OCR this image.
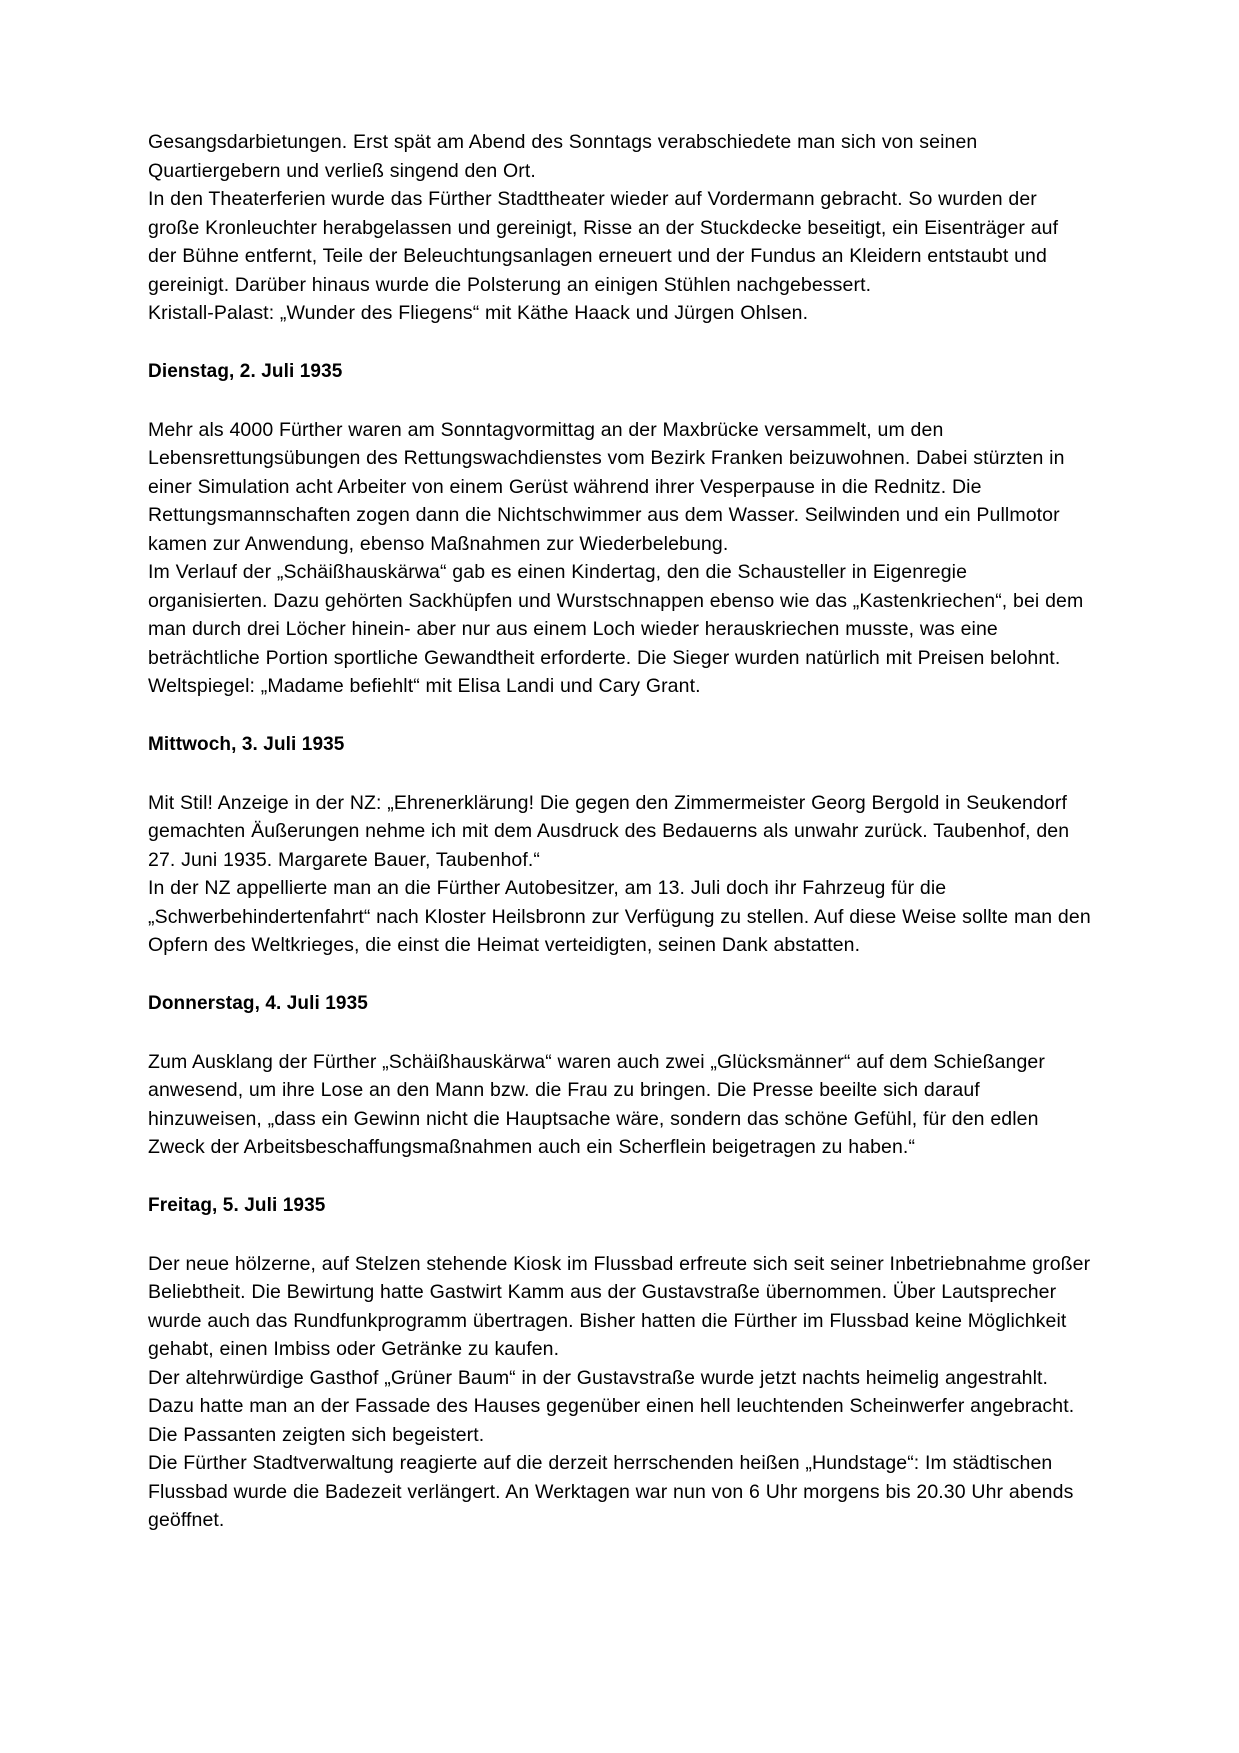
Gesangsdarbietungen. Erst spät am Abend des Sonntags verabschiedete man sich von seinen Quartiergebern und verließ singend den Ort.

In den Theaterferien wurde das Fürther Stadttheater wieder auf Vordermann gebracht. So wurden der große Kronleuchter herabgelassen und gereinigt, Risse an der Stuckdecke beseitigt, ein Eisenträger auf der Bühne entfernt, Teile der Beleuchtungsanlagen erneuert und der Fundus an Kleidern entstaubt und gereinigt. Darüber hinaus wurde die Polsterung an einigen Stühlen nachgebessert.

Kristall-Palast: „Wunder des Fliegens“ mit Käthe Haack und Jürgen Ohlsen.

Dienstag, 2. Juli 1935

Mehr als 4000 Fürther waren am Sonntagvormittag an der Maxbrücke versammelt, um den Lebensrettungsübungen des Rettungswachdienstes vom Bezirk Franken beizuwohnen. Dabei stürzten in einer Simulation acht Arbeiter von einem Gerüst während ihrer Vesperpause in die Rednitz. Die Rettungsmannschaften zogen dann die Nichtschwimmer aus dem Wasser. Seilwinden und ein Pullmotor kamen zur Anwendung, ebenso Maßnahmen zur Wiederbelebung.

Im Verlauf der „Schäißhauskärwa“ gab es einen Kindertag, den die Schausteller in Eigenregie organisierten. Dazu gehörten Sackhüpfen und Wurstschnappen ebenso wie das „Kastenkriechen“, bei dem man durch drei Löcher hinein- aber nur aus einem Loch wieder herauskriechen musste, was eine beträchtliche Portion sportliche Gewandtheit erforderte. Die Sieger wurden natürlich mit Preisen belohnt.

Weltspiegel: „Madame befiehlt“ mit Elisa Landi und Cary Grant.

Mittwoch, 3. Juli 1935

Mit Stil! Anzeige in der NZ: „Ehrenerklärung! Die gegen den Zimmermeister Georg Bergold in Seukendorf gemachten Äußerungen nehme ich mit dem Ausdruck des Bedauerns als unwahr zurück. Taubenhof, den 27. Juni 1935. Margarete Bauer, Taubenhof.“

In der NZ appellierte man an die Fürther Autobesitzer, am 13. Juli doch ihr Fahrzeug für die „Schwerbehindertenfahrt“ nach Kloster Heilsbronn zur Verfügung zu stellen. Auf diese Weise sollte man den Opfern des Weltkrieges, die einst die Heimat verteidigten, seinen Dank abstatten.

Donnerstag, 4. Juli 1935

Zum Ausklang der Fürther „Schäißhauskärwa“ waren auch zwei „Glücksmänner“ auf dem Schießanger anwesend, um ihre Lose an den Mann bzw. die Frau zu bringen. Die Presse beeilte sich darauf hinzuweisen, „dass ein Gewinn nicht die Hauptsache wäre, sondern das schöne Gefühl, für den edlen Zweck der Arbeitsbeschaffungsmaßnahmen auch ein Scherflein beigetragen zu haben.“

Freitag, 5. Juli 1935

Der neue hölzerne, auf Stelzen stehende Kiosk im Flussbad erfreute sich seit seiner Inbetriebnahme großer Beliebtheit. Die Bewirtung hatte Gastwirt Kamm aus der Gustavstraße übernommen. Über Lautsprecher wurde auch das Rundfunkprogramm übertragen. Bisher hatten die Fürther im Flussbad keine Möglichkeit gehabt, einen Imbiss oder Getränke zu kaufen.

Der altehrwürdige Gasthof „Grüner Baum“ in der Gustavstraße wurde jetzt nachts heimelig angestrahlt. Dazu hatte man an der Fassade des Hauses gegenüber einen hell leuchtenden Scheinwerfer angebracht. Die Passanten zeigten sich begeistert.

Die Fürther Stadtverwaltung reagierte auf die derzeit herrschenden heißen „Hundstage“: Im städtischen Flussbad wurde die Badezeit verlängert. An Werktagen war nun von 6 Uhr morgens bis 20.30 Uhr abends geöffnet.
